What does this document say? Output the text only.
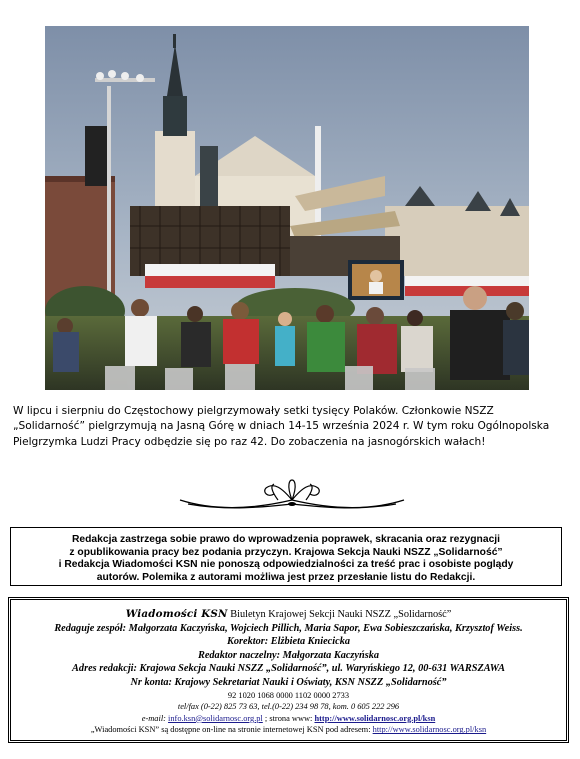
W lipcu i sierpniu do Częstochowy pielgrzymowały setki tysięcy Polaków. Członkowie NSZZ „Solidarność” pielgrzymują na Jasną Górę w dniach 14-15 września 2024 r. W tym roku Ogólnopolska Pielgrzymka Ludzi Pracy odbędzie się po raz 42. Do zobaczenia na jasnogórskich wałach!

Redakcja zastrzega sobie prawo do wprowadzenia poprawek, skracania oraz rezygnacji

z opublikowania pracy bez podania przyczyn. Krajowa Sekcja Nauki NSZZ „Solidarność”

i Redakcja Wiadomości KSN nie ponoszą odpowiedzialności za treść prac i osobiste poglądy

autorów. Polemika z autorami możliwa jest przez przesłanie listu do Redakcji.

Wiadomości KSN Biuletyn Krajowej Sekcji Nauki NSZZ „Solidarność”

Redaguje zespół: Małgorzata Kaczyńska, Wojciech Pillich, Maria Sapor, Ewa Sobieszczańska, Krzysztof Weiss.

Korektor: Elżbieta Kniecicka

Redaktor naczelny: Małgorzata Kaczyńska

Adres redakcji: Krajowa Sekcja Nauki NSZZ „Solidarność”, ul. Waryńskiego 12, 00-631 WARSZAWA

Nr konta: Krajowy Sekretariat Nauki i Oświaty, KSN NSZZ „Solidarność”

92 1020 1068 0000 1102 0000 2733

tel/fax (0-22) 825 73 63, tel.(0-22) 234 98 78, kom. 0 605 222 296

e-mail: info.ksn@solidarnosc.org.pl ; strona www: http://www.solidarnosc.org.pl/ksn

„Wiadomości KSN” są dostępne on-line na stronie internetowej KSN pod adresem: http://www.solidarnosc.org.pl/ksn
